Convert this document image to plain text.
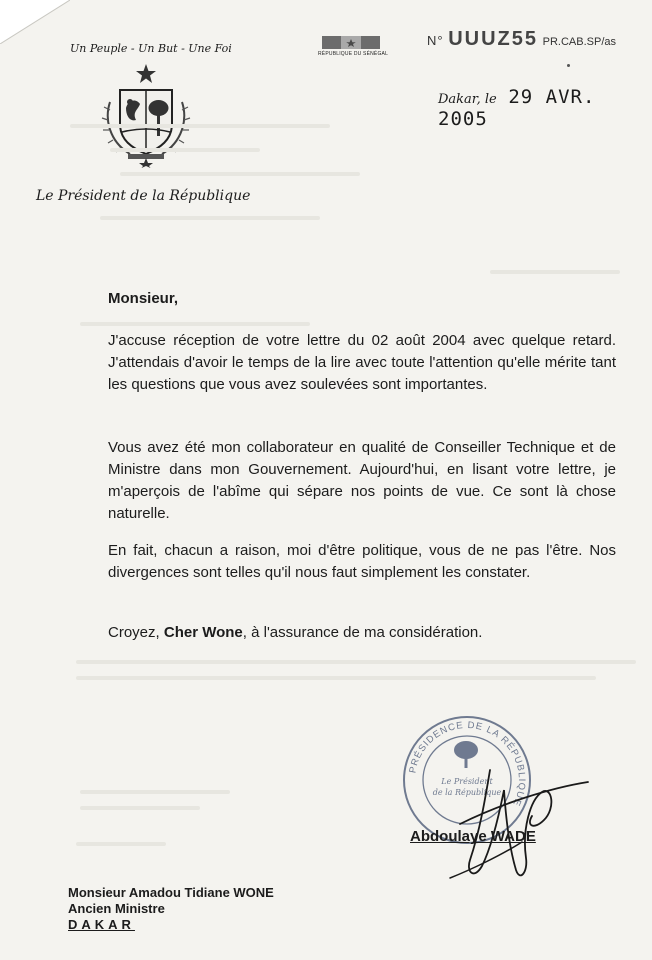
Un Peuple - Un But - Une Foi	RÉPUBLIQUE DU SÉNÉGAL
N° UUUZ55 PR.CAB.SP/as
Le Président de la République
Dakar, le 29 AVR. 2005
Monsieur,
J'accuse réception de votre lettre du 02 août 2004 avec quelque retard. J'attendais d'avoir le temps de la lire avec toute l'attention qu'elle mérite tant les questions que vous avez soulevées sont importantes.
Vous avez été mon collaborateur en qualité de Conseiller Technique et de Ministre dans mon Gouvernement. Aujourd'hui, en lisant votre lettre, je m'aperçois de l'abîme qui sépare nos points de vue. Ce sont là chose naturelle.
En fait, chacun a raison, moi d'être politique, vous de ne pas l'être. Nos divergences sont telles qu'il nous faut simplement les constater.
Croyez, Cher Wone, à l'assurance de ma considération.
PRÉSIDENCE DE LA RÉPUBLIQUE
Le Président
de la République
Abdoulaye WADE
Monsieur Amadou Tidiane WONE
Ancien Ministre
DAKAR
